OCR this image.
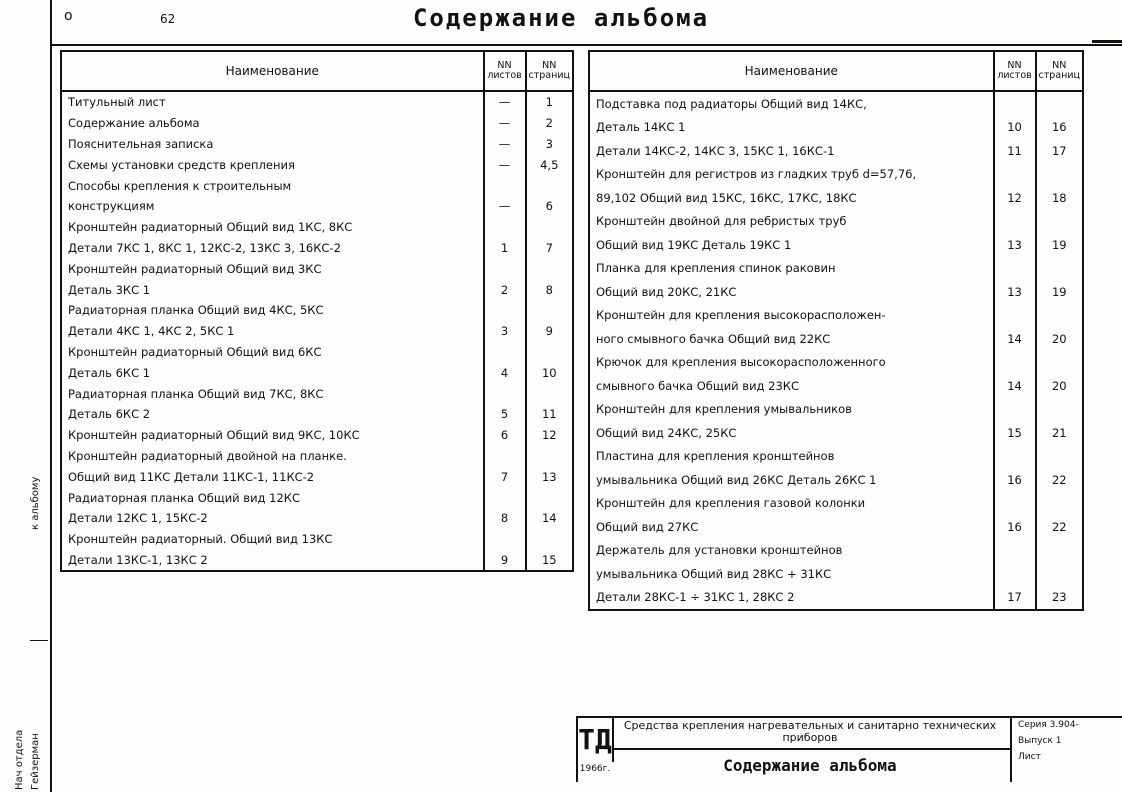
о	62	Содержание альбома
Наименование	NN листов	NN страниц
Титульный лист	—	1
Содержание альбома	—	2
Пояснительная записка	—	3
Схемы установки средств крепления	—	4,5
Способы крепления к строительным		
конструкциям	—	6
Кронштейн радиаторный Общий вид 1КС, 8КС		
Детали 7КС 1, 8КС 1, 12КС-2, 13КС 3, 16КС-2	1	7
Кронштейн радиаторный Общий вид 3КС		
Деталь 3КС 1	2	8
Радиаторная планка Общий вид 4КС, 5КС		
Детали 4КС 1, 4КС 2, 5КС 1	3	9
Кронштейн радиаторный Общий вид 6КС		
Деталь 6КС 1	4	10
Радиаторная планка Общий вид 7КС, 8КС		
Деталь 6КС 2	5	11
Кронштейн радиаторный Общий вид 9КС, 10КС	6	12
Кронштейн радиаторный двойной на планке.		
Общий вид 11КС Детали 11КС-1, 11КС-2	7	13
Радиаторная планка Общий вид 12КС		
Детали 12КС 1, 15КС-2	8	14
Кронштейн радиаторный. Общий вид 13КС		
Детали 13КС-1, 13КС 2	9	15
Наименование	NN листов	NN страниц
Подставка под радиаторы Общий вид 14КС,		
Деталь 14КС 1	10	16
Детали 14КС-2, 14КС 3, 15КС 1, 16КС-1	11	17
Кронштейн для регистров из гладких труб d=57,76,		
89,102 Общий вид 15КС, 16КС, 17КС, 18КС	12	18
Кронштейн двойной для ребристых труб		
Общий вид 19КС Деталь 19КС 1	13	19
Планка для крепления спинок раковин		
Общий вид 20КС, 21КС	13	19
Кронштейн для крепления высокорасположен-		
ного смывного бачка Общий вид 22КС	14	20
Крючок для крепления высокорасположенного		
смывного бачка Общий вид 23КС	14	20
Кронштейн для крепления умывальников		
Общий вид 24КС, 25КС	15	21
Пластина для крепления кронштейнов		
умывальника Общий вид 26КС Деталь 26КС 1	16	22
Кронштейн для крепления газовой колонки		
Общий вид 27КС	16	22
Держатель для установки кронштейнов		
умывальника Общий вид 28КС + 31КС		
Детали 28КС-1 ÷ 31КС 1, 28КС 2	17	23
Нач отдела Гейзерман
к альбому
ТД
1966г.
Средства крепления нагревательных и санитарно технических приборов
Содержание альбома
Серия 3.904-
Выпуск 1
Лист
